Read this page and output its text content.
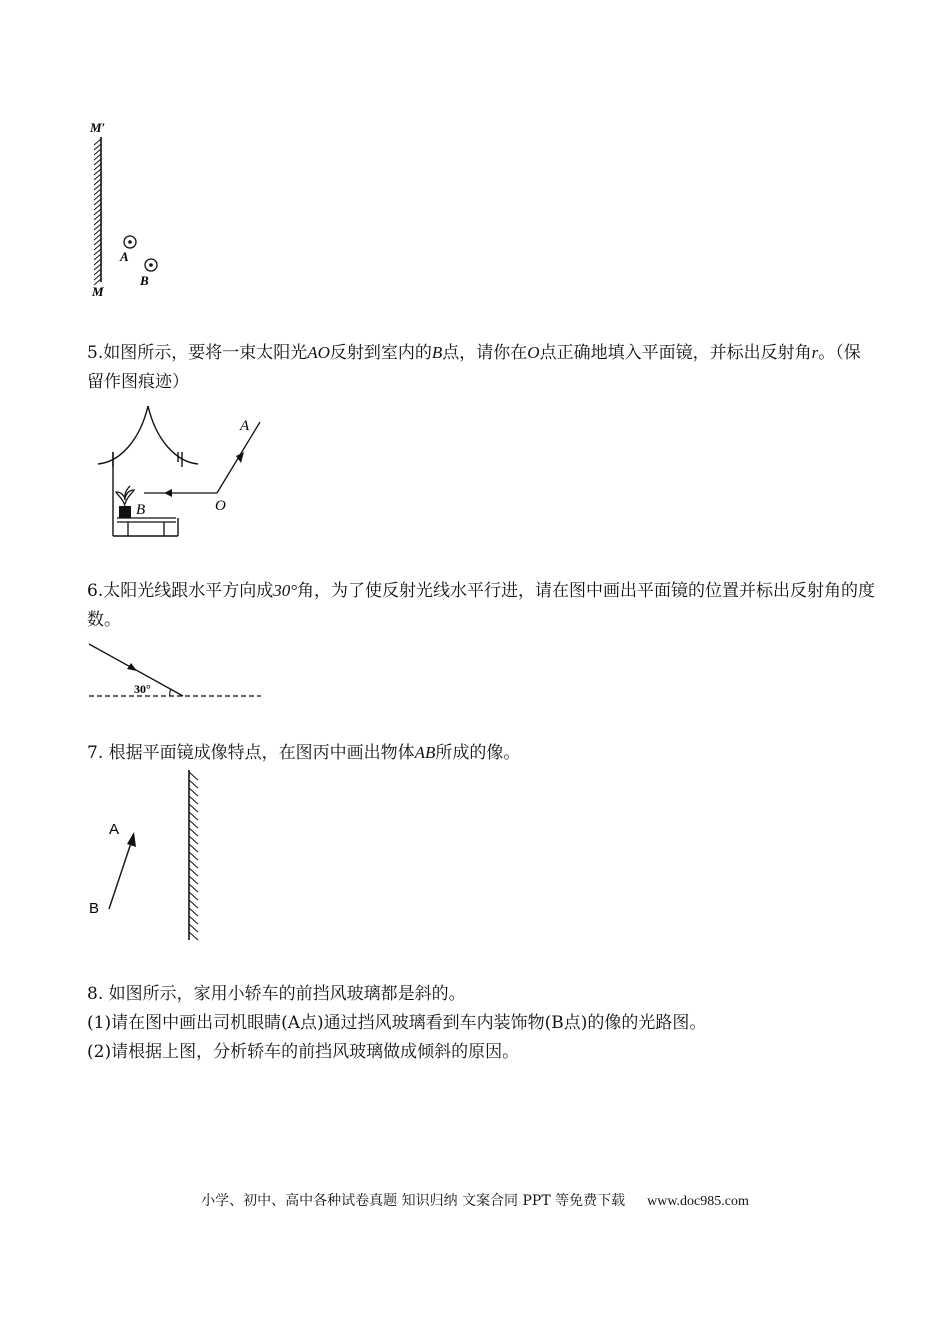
M′
M
A
B

5.如图所示，要将一束太阳光AO反射到室内的B点，请你在O点正确地填入平面镜，并标出反射角r。（保留作图痕迹）

B
A
O

6.太阳光线跟水平方向成30°角，为了使反射光线水平行进，请在图中画出平面镜的位置并标出反射角的度数。

30°

7. 根据平面镜成像特点，在图丙中画出物体AB所成的像。

A
B

8. 如图所示，家用小轿车的前挡风玻璃都是斜的。

(1)请在图中画出司机眼睛(A点)通过挡风玻璃看到车内装饰物(B点)的像的光路图。

(2)请根据上图，分析轿车的前挡风玻璃做成倾斜的原因。

小学、初中、高中各种试卷真题 知识归纳 文案合同 PPT 等免费下载 www.doc985.com
